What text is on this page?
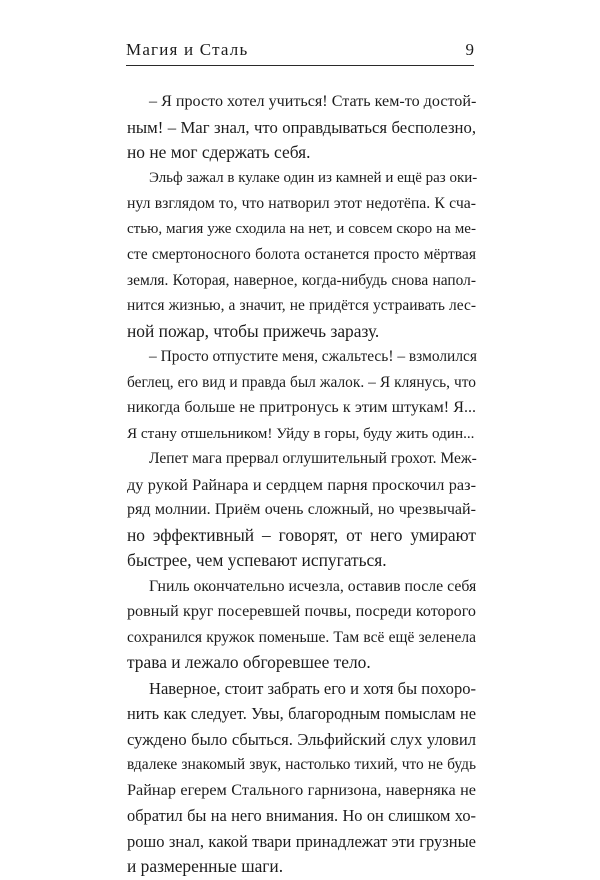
Магия и Сталь	9
– Я просто хотел учиться! Стать кем-то достой-
ным! – Маг знал, что оправдываться бесполезно,
но не мог сдержать себя.
Эльф зажал в кулаке один из камней и ещё раз оки-
нул взглядом то, что натворил этот недотёпа. К сча-
стью, магия уже сходила на нет, и совсем скоро на ме-
сте смертоносного болота останется просто мёртвая
земля. Которая, наверное, когда-нибудь снова напол-
нится жизнью, а значит, не придётся устраивать лес-
ной пожар, чтобы прижечь заразу.
– Просто отпустите меня, сжальтесь! – взмолился
беглец, его вид и правда был жалок. – Я клянусь, что
никогда больше не притронусь к этим штукам! Я...
Я стану отшельником! Уйду в горы, буду жить один...
Лепет мага прервал оглушительный грохот. Меж-
ду рукой Райнара и сердцем парня проскочил раз-
ряд молнии. Приём очень сложный, но чрезвычай-
но эффективный – говорят, от него умирают
быстрее, чем успевают испугаться.
Гниль окончательно исчезла, оставив после себя
ровный круг посеревшей почвы, посреди которого
сохранился кружок поменьше. Там всё ещё зеленела
трава и лежало обгоревшее тело.
Наверное, стоит забрать его и хотя бы похоро-
нить как следует. Увы, благородным помыслам не
суждено было сбыться. Эльфийский слух уловил
вдалеке знакомый звук, настолько тихий, что не будь
Райнар егерем Стального гарнизона, наверняка не
обратил бы на него внимания. Но он слишком хо-
рошо знал, какой твари принадлежат эти грузные
и размеренные шаги.
